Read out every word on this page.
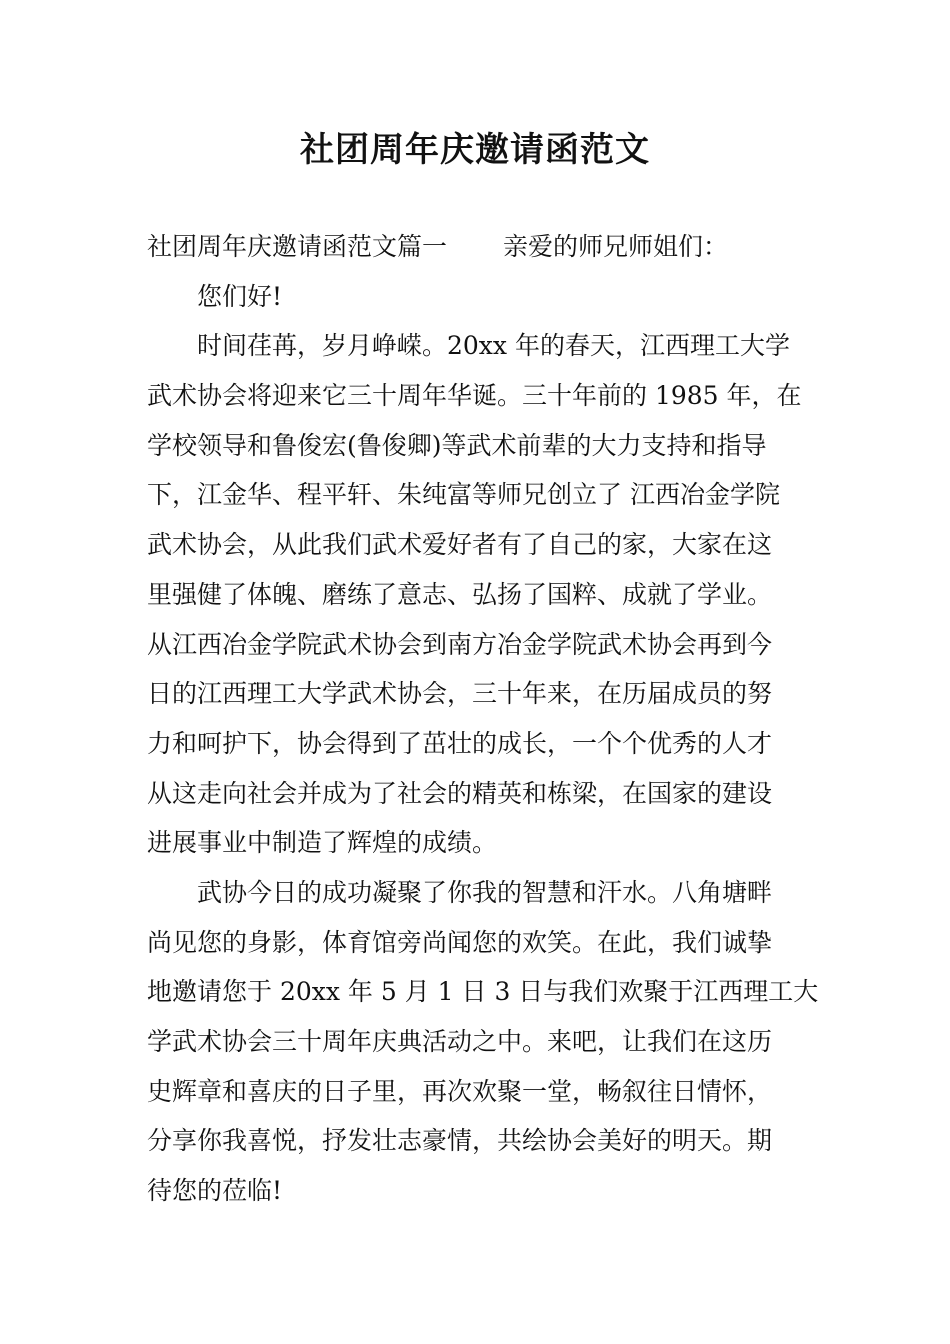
社团周年庆邀请函范文
社团周年庆邀请函范文篇一 亲爱的师兄师姐们：
您们好!
时间荏苒，岁月峥嵘。20xx 年的春天，江西理工大学
武术协会将迎来它三十周年华诞。三十年前的 1985 年，在
学校领导和鲁俊宏(鲁俊卿)等武术前辈的大力支持和指导
下，江金华、程平轩、朱纯富等师兄创立了 江西冶金学院
武术协会，从此我们武术爱好者有了自己的家，大家在这
里强健了体魄、磨练了意志、弘扬了国粹、成就了学业。
从江西冶金学院武术协会到南方冶金学院武术协会再到今
日的江西理工大学武术协会，三十年来，在历届成员的努
力和呵护下，协会得到了茁壮的成长，一个个优秀的人才
从这走向社会并成为了社会的精英和栋梁，在国家的建设
进展事业中制造了辉煌的成绩。
武协今日的成功凝聚了你我的智慧和汗水。八角塘畔
尚见您的身影，体育馆旁尚闻您的欢笑。在此，我们诚挚
地邀请您于 20xx 年 5 月 1 日 3 日与我们欢聚于江西理工大
学武术协会三十周年庆典活动之中。来吧，让我们在这历
史辉章和喜庆的日子里，再次欢聚一堂，畅叙往日情怀，
分享你我喜悦，抒发壮志豪情，共绘协会美好的明天。期
待您的莅临!
